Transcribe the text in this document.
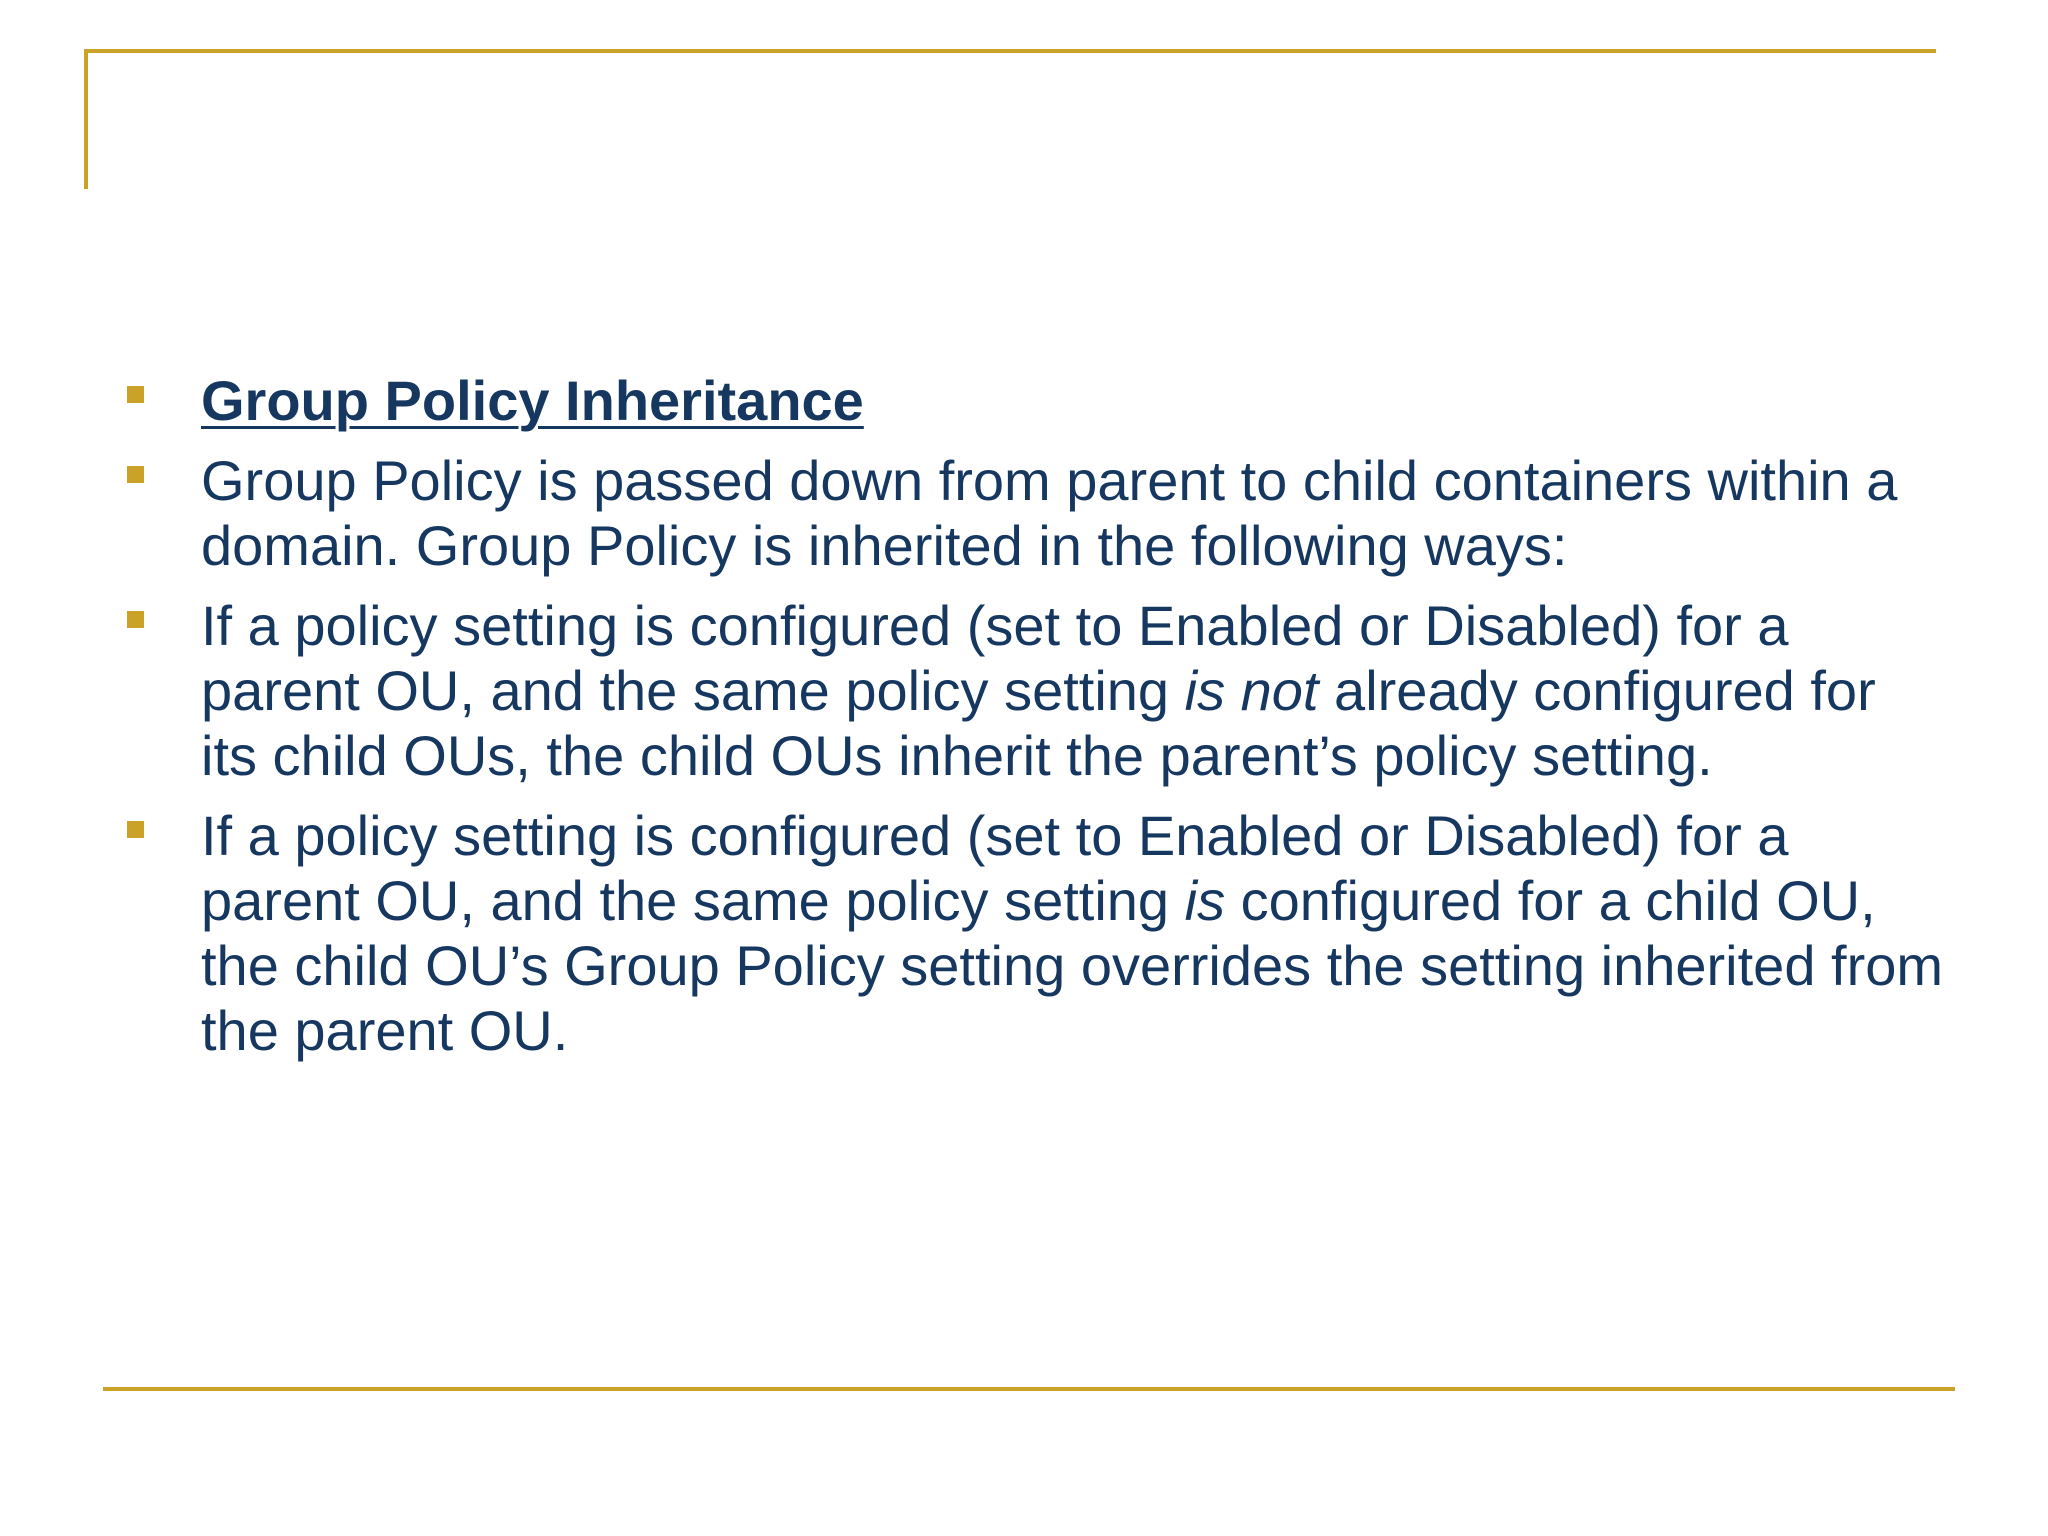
Group Policy Inheritance
Group Policy is passed down from parent to child containers within a domain. Group Policy is inherited in the following ways:
If a policy setting is configured (set to Enabled or Disabled) for a parent OU, and the same policy setting is not already configured for its child OUs, the child OUs inherit the parent’s policy setting.
If a policy setting is configured (set to Enabled or Disabled) for a parent OU, and the same policy setting is configured for a child OU, the child OU’s Group Policy setting overrides the setting inherited from the parent OU.
